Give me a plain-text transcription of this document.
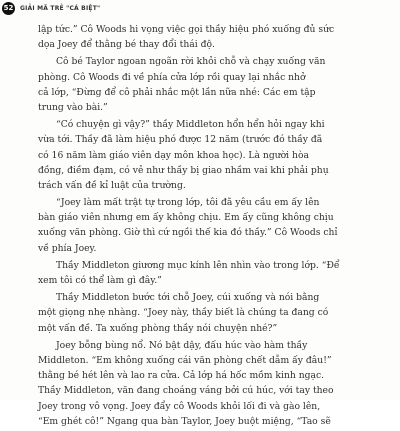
52 GIẢI MÃ TRẺ "CÁ BIỆT"
lập tức.” Cô Woods hi vọng việc gọi thầy hiệu phó xuống đủ sức
dọa Joey để thằng bé thay đổi thái độ.
Cô bé Taylor ngoan ngoãn rời khỏi chỗ và chạy xuống văn
phòng. Cô Woods đi về phía cửa lớp rồi quay lại nhắc nhở
cả lớp, “Đừng để cô phải nhắc một lần nữa nhé: Các em tập
trung vào bài.”
“Có chuyện gì vậy?” thầy Middleton hổn hển hỏi ngay khi
vừa tới. Thầy đã làm hiệu phó được 12 năm (trước đó thầy đã
có 16 năm làm giáo viên dạy môn khoa học). Là người hòa
đồng, điềm đạm, có vẻ như thầy bị giao nhầm vai khi phải phụ
trách vấn đề kỉ luật của trường.
“Joey làm mất trật tự trong lớp, tôi đã yêu cầu em ấy lên
bàn giáo viên nhưng em ấy không chịu. Em ấy cũng không chịu
xuống văn phòng. Giờ thì cứ ngồi thế kia đó thầy.” Cô Woods chỉ
về phía Joey.
Thầy Middleton giương mục kính lên nhìn vào trong lớp. “Để
xem tôi có thể làm gì đây.”
Thầy Middleton bước tới chỗ Joey, cúi xuống và nói bằng
một giọng nhẹ nhàng. “Joey này, thầy biết là chúng ta đang có
một vấn đề. Ta xuống phòng thầy nói chuyện nhé?”
Joey bỗng bùng nổ. Nó bật dậy, đấu húc vào hàm thầy
Middleton. “Em không xuống cái văn phòng chết dẫm ấy đâu!”
thằng bé hét lên và lao ra cửa. Cả lớp há hốc mồm kinh ngạc.
Thầy Middleton, văn đang choáng váng bởi cú húc, với tay theo
Joey trong vô vọng. Joey đẩy cô Woods khỏi lối đi và gào lên,
“Em ghét cô!” Ngang qua bàn Taylor, Joey buột miệng, “Tao sẽ
